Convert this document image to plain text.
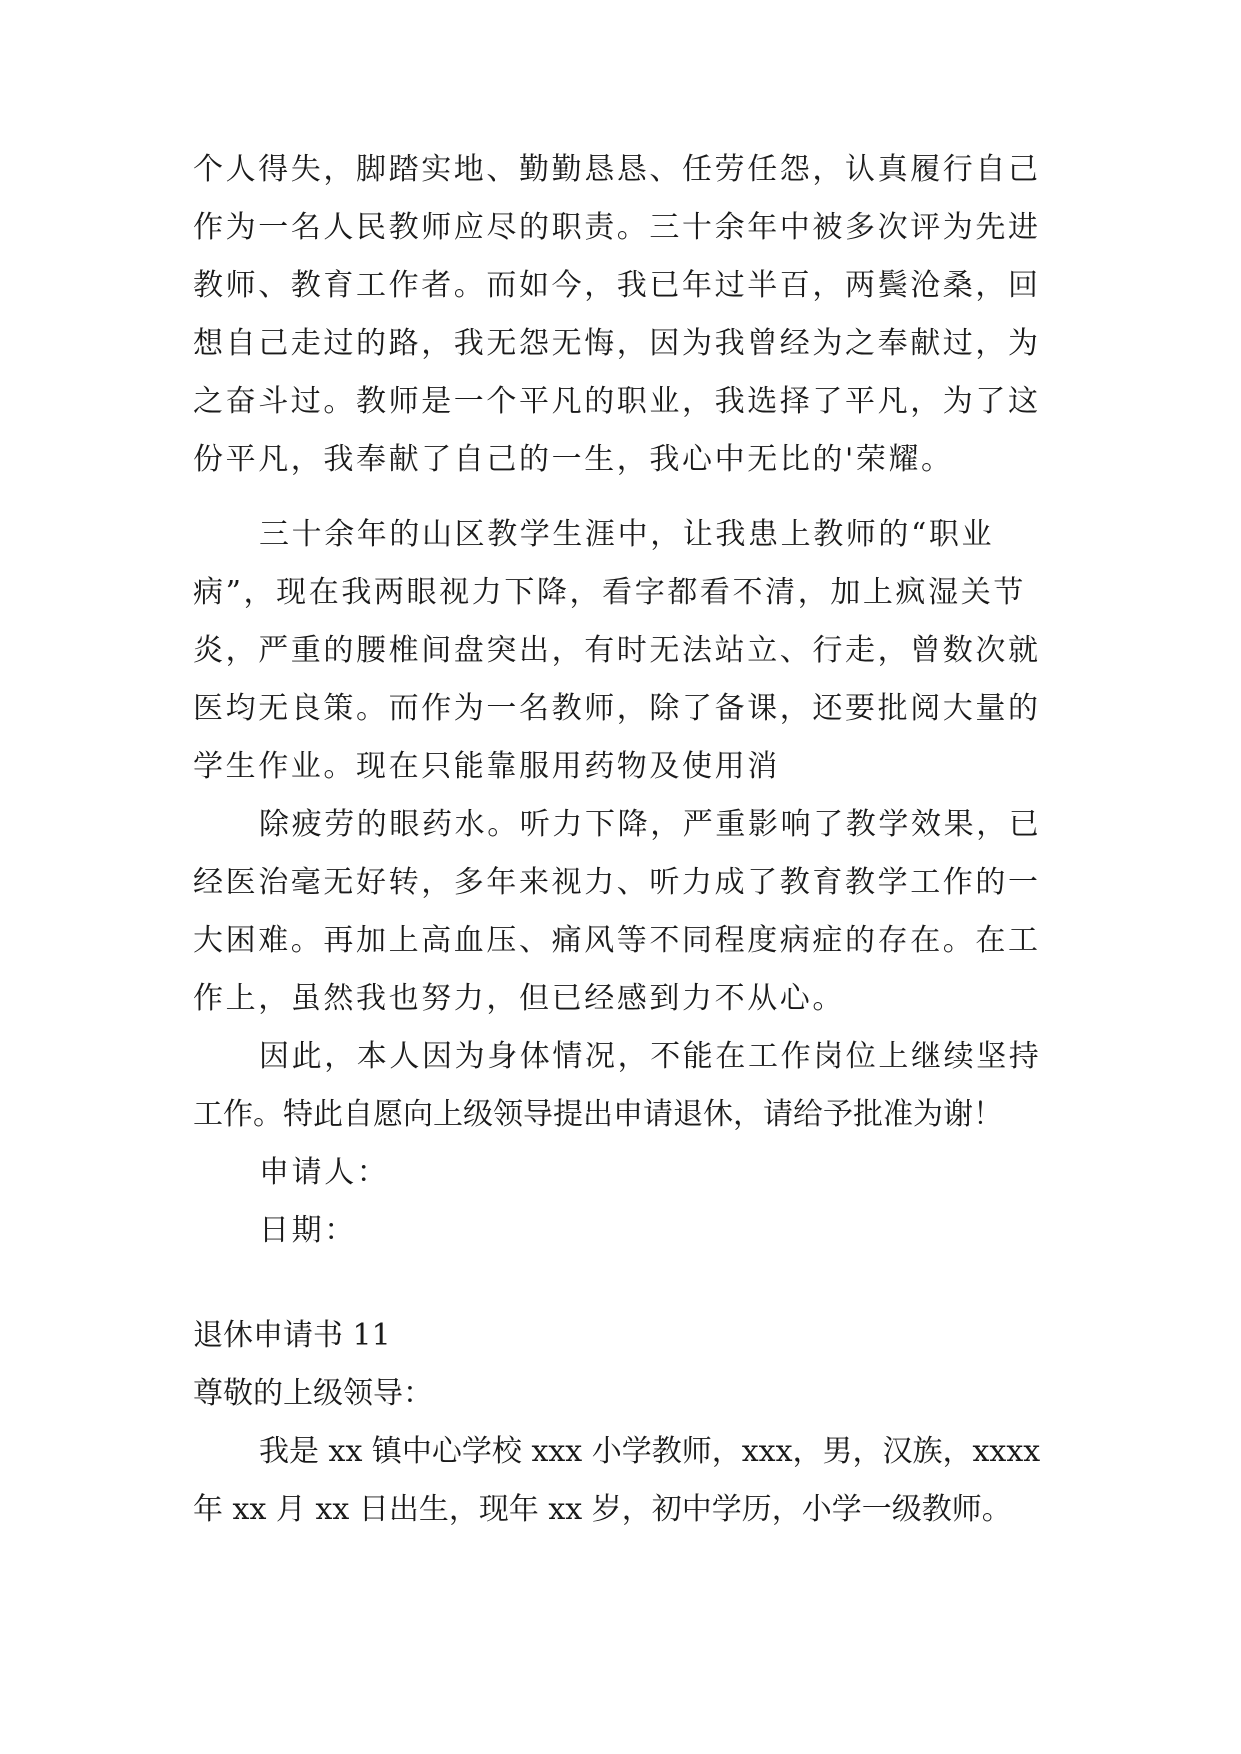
个人得失，脚踏实地、勤勤恳恳、任劳任怨，认真履行自己
作为一名人民教师应尽的职责。三十余年中被多次评为先进
教师、教育工作者。而如今，我已年过半百，两鬓沧桑，回
想自己走过的路，我无怨无悔，因为我曾经为之奉献过，为
之奋斗过。教师是一个平凡的职业，我选择了平凡，为了这
份平凡，我奉献了自己的一生，我心中无比的'荣耀。
三十余年的山区教学生涯中，让我患上教师的“职业
病”，现在我两眼视力下降，看字都看不清，加上疯湿关节
炎，严重的腰椎间盘突出，有时无法站立、行走，曾数次就
医均无良策。而作为一名教师，除了备课，还要批阅大量的
学生作业。现在只能靠服用药物及使用消
除疲劳的眼药水。听力下降，严重影响了教学效果，已
经医治毫无好转，多年来视力、听力成了教育教学工作的一
大困难。再加上高血压、痛风等不同程度病症的存在。在工
作上，虽然我也努力，但已经感到力不从心。
因此，本人因为身体情况，不能在工作岗位上继续坚持
工作。特此自愿向上级领导提出申请退休，请给予批准为谢！
申请人：
日期：
退休申请书 11
尊敬的上级领导：
我是 xx 镇中心学校 xxx 小学教师，xxx，男，汉族，xxxx
年 xx 月 xx 日出生，现年 xx 岁，初中学历，小学一级教师。
